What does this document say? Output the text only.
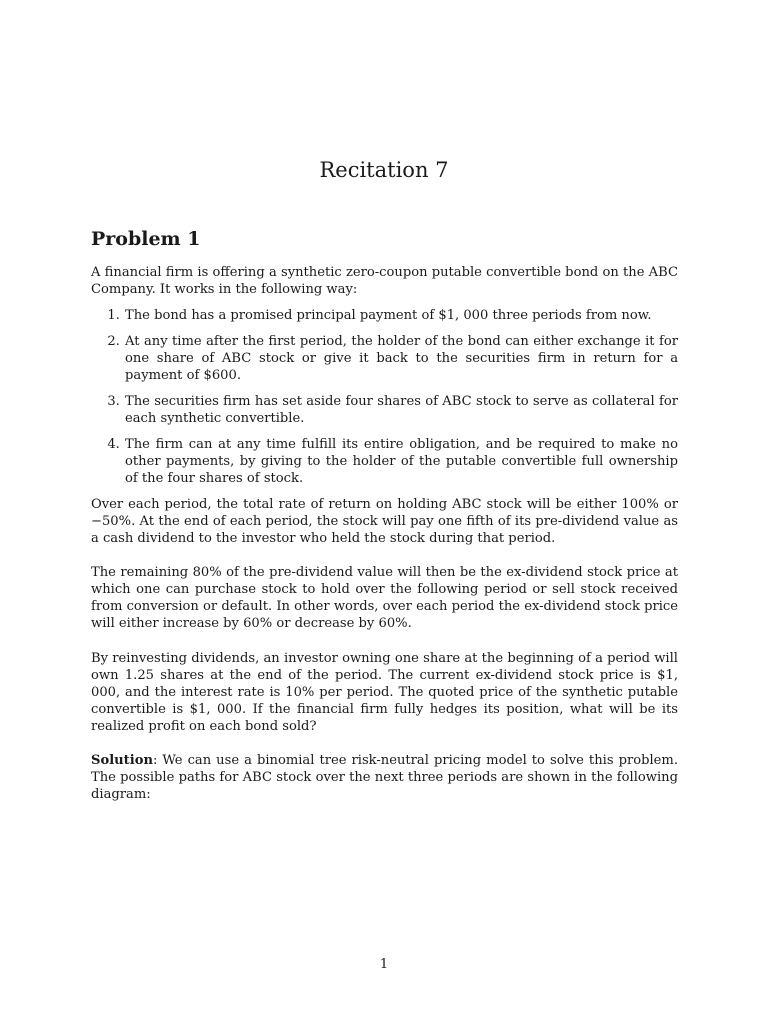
Recitation 7
Problem 1

A financial firm is offering a synthetic zero-coupon putable convertible bond on the ABC Company. It works in the following way:

1. The bond has a promised principal payment of $1, 000 three periods from now.
2. At any time after the first period, the holder of the bond can either exchange it for one share of ABC stock or give it back to the securities firm in return for a payment of $600.
3. The securities firm has set aside four shares of ABC stock to serve as collateral for each synthetic convertible.
4. The firm can at any time fulfill its entire obligation, and be required to make no other payments, by giving to the holder of the putable convertible full ownership of the four shares of stock.

Over each period, the total rate of return on holding ABC stock will be either 100% or −50%. At the end of each period, the stock will pay one fifth of its pre-dividend value as a cash dividend to the investor who held the stock during that period.

The remaining 80% of the pre-dividend value will then be the ex-dividend stock price at which one can purchase stock to hold over the following period or sell stock received from conversion or default. In other words, over each period the ex-dividend stock price will either increase by 60% or decrease by 60%.

By reinvesting dividends, an investor owning one share at the beginning of a period will own 1.25 shares at the end of the period. The current ex-dividend stock price is $1, 000, and the interest rate is 10% per period. The quoted price of the synthetic putable convertible is $1, 000. If the financial firm fully hedges its position, what will be its realized profit on each bond sold?

Solution: We can use a binomial tree risk-neutral pricing model to solve this problem. The possible paths for ABC stock over the next three periods are shown in the following diagram:

1
